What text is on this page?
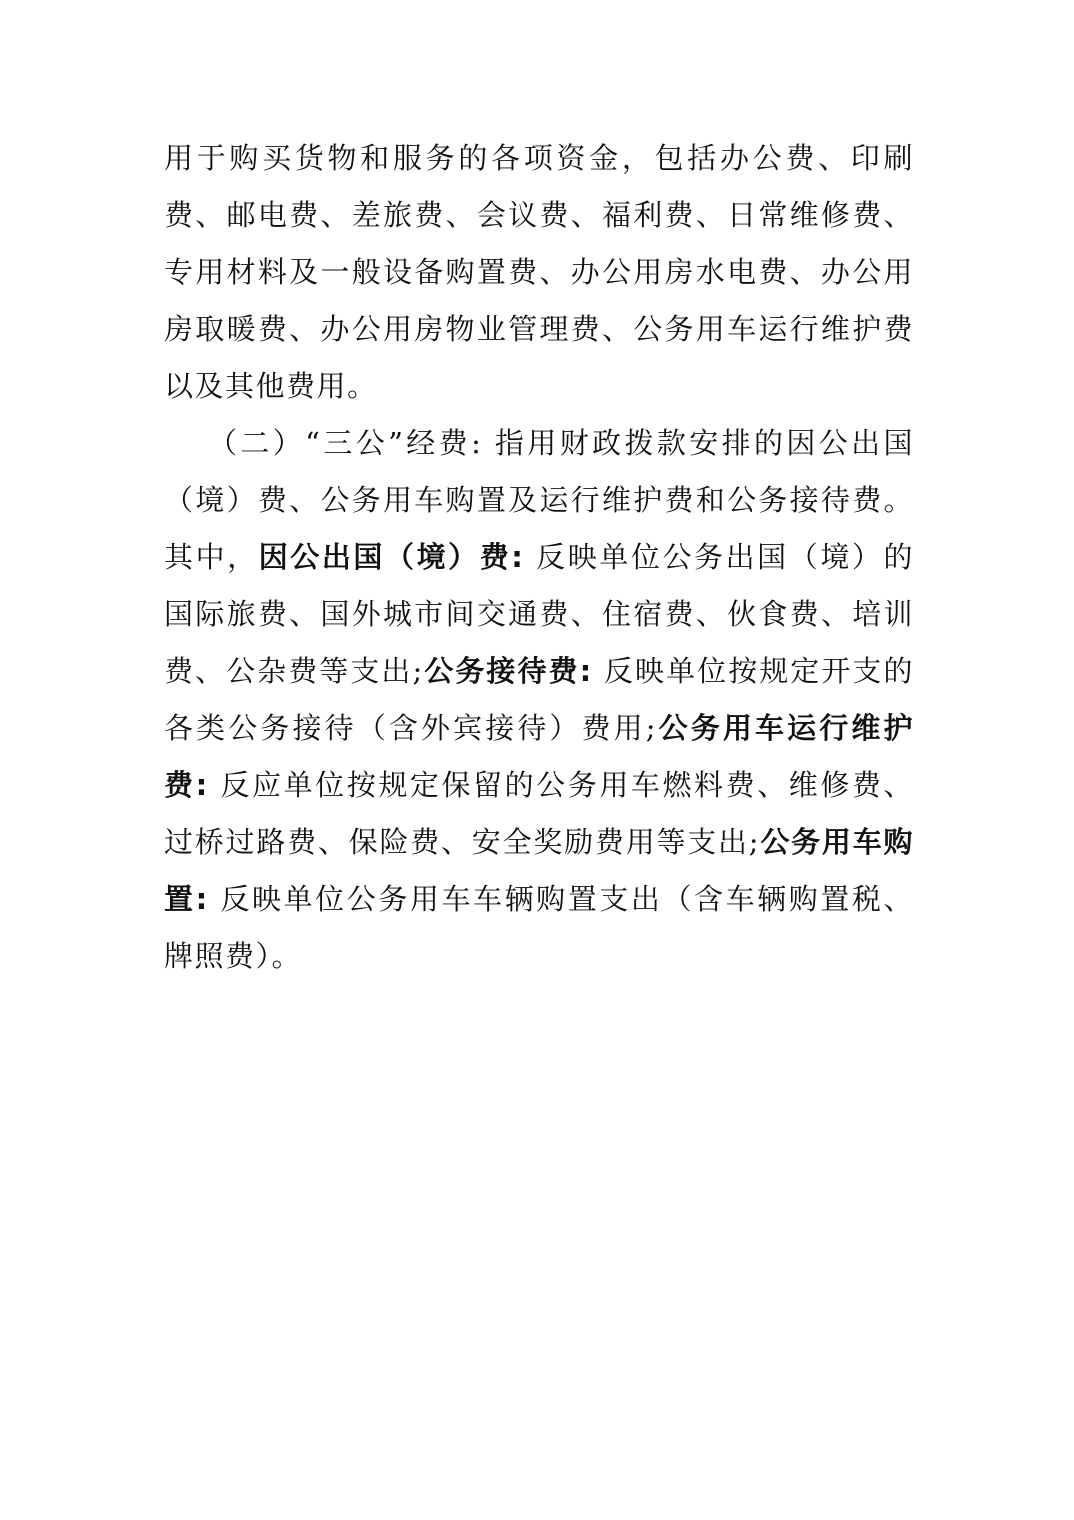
用于购买货物和服务的各项资金，包括办公费、印刷费、邮电费、差旅费、会议费、福利费、日常维修费、专用材料及一般设备购置费、办公用房水电费、办公用房取暖费、办公用房物业管理费、公务用车运行维护费以及其他费用。

（二）“三公”经费: 指用财政拨款安排的因公出国（境）费、公务用车购置及运行维护费和公务接待费。其中，因公出国（境）费: 反映单位公务出国（境）的国际旅费、国外城市间交通费、住宿费、伙食费、培训费、公杂费等支出;公务接待费: 反映单位按规定开支的各类公务接待（含外宾接待）费用;公务用车运行维护费: 反应单位按规定保留的公务用车燃料费、维修费、过桥过路费、保险费、安全奖励费用等支出;公务用车购置: 反映单位公务用车车辆购置支出（含车辆购置税、牌照费）。
